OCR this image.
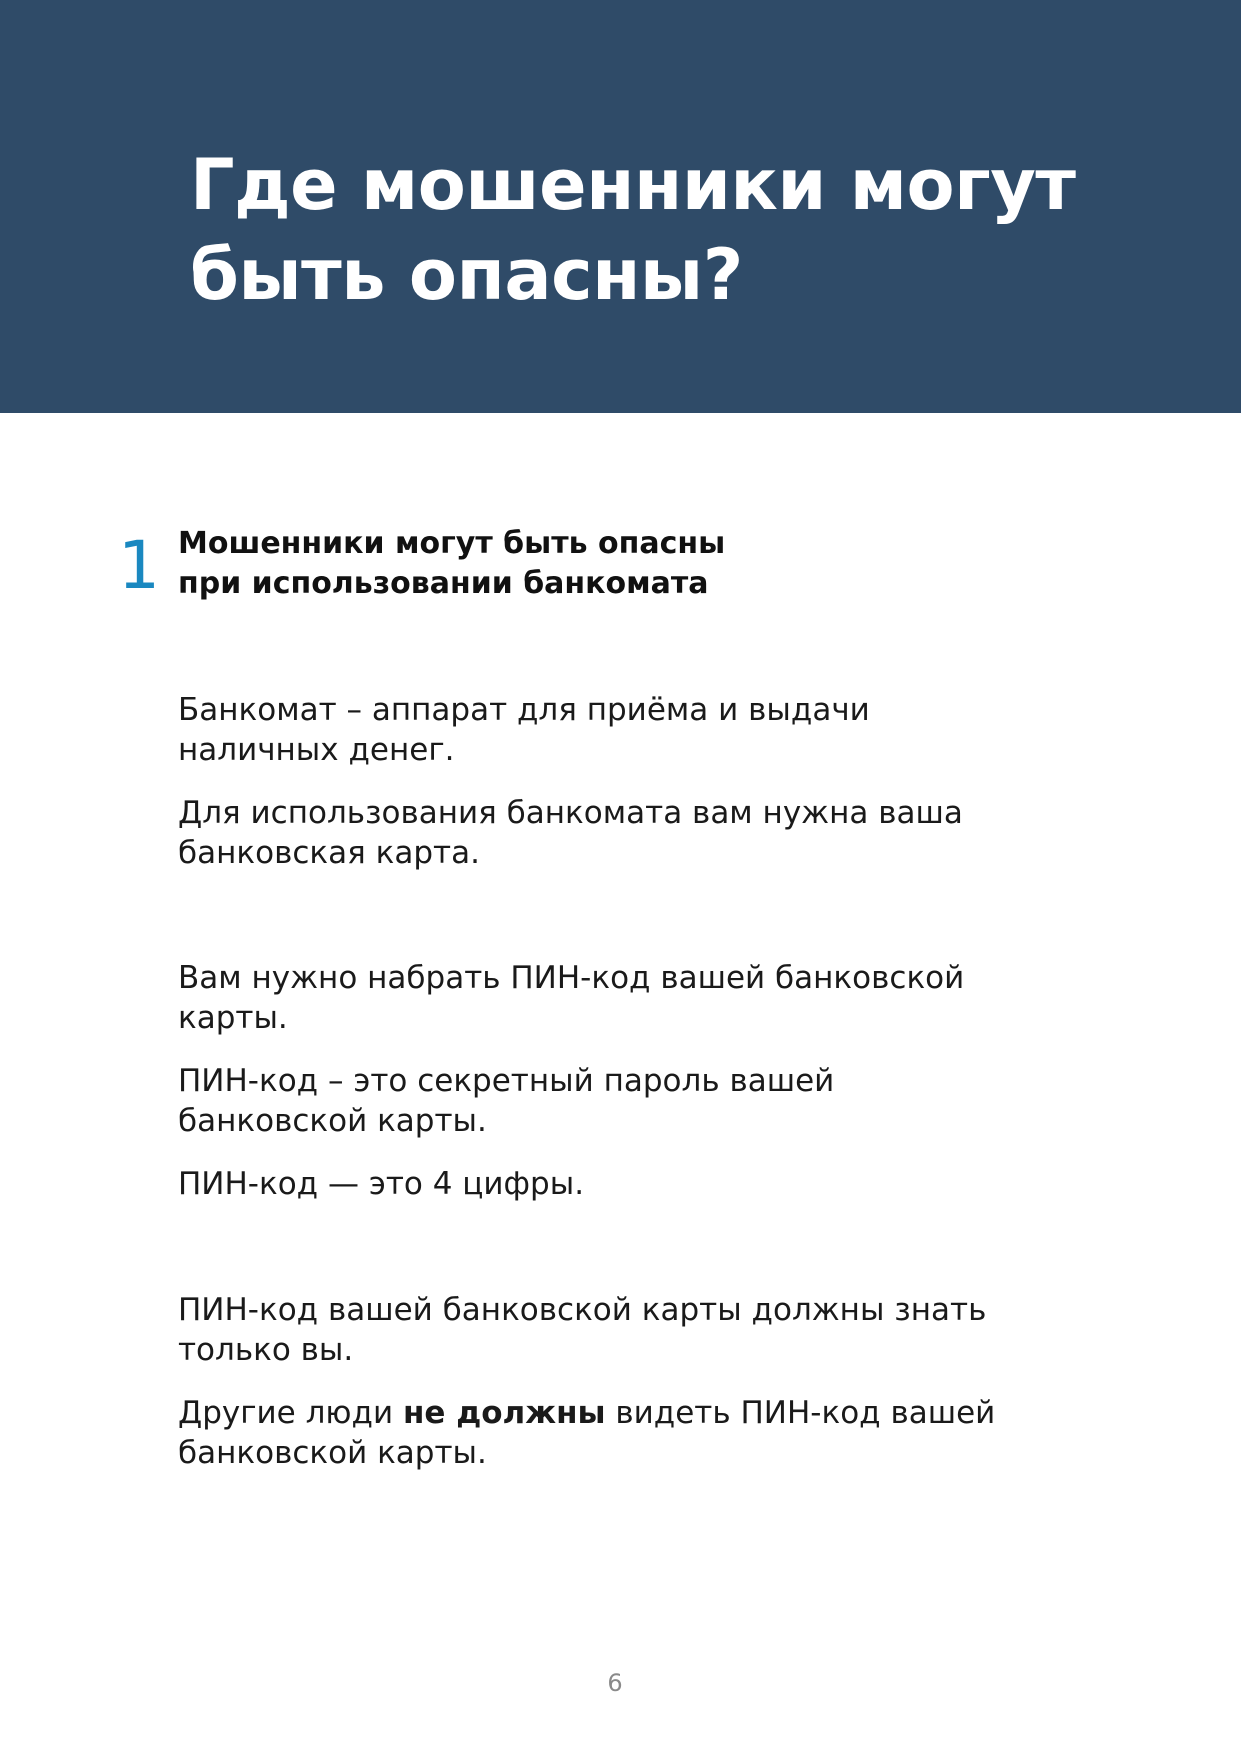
Где мошенники могут
быть опасны?
1 Мошенники могут быть опасны
при использовании банкомата

Банкомат – аппарат для приёма и выдачи
наличных денег.

Для использования банкомата вам нужна ваша
банковская карта.

Вам нужно набрать ПИН-код вашей банковской
карты.

ПИН-код – это секретный пароль вашей
банковской карты.

ПИН-код — это 4 цифры.

ПИН-код вашей банковской карты должны знать
только вы.

Другие люди не должны видеть ПИН-код вашей
банковской карты.

6
